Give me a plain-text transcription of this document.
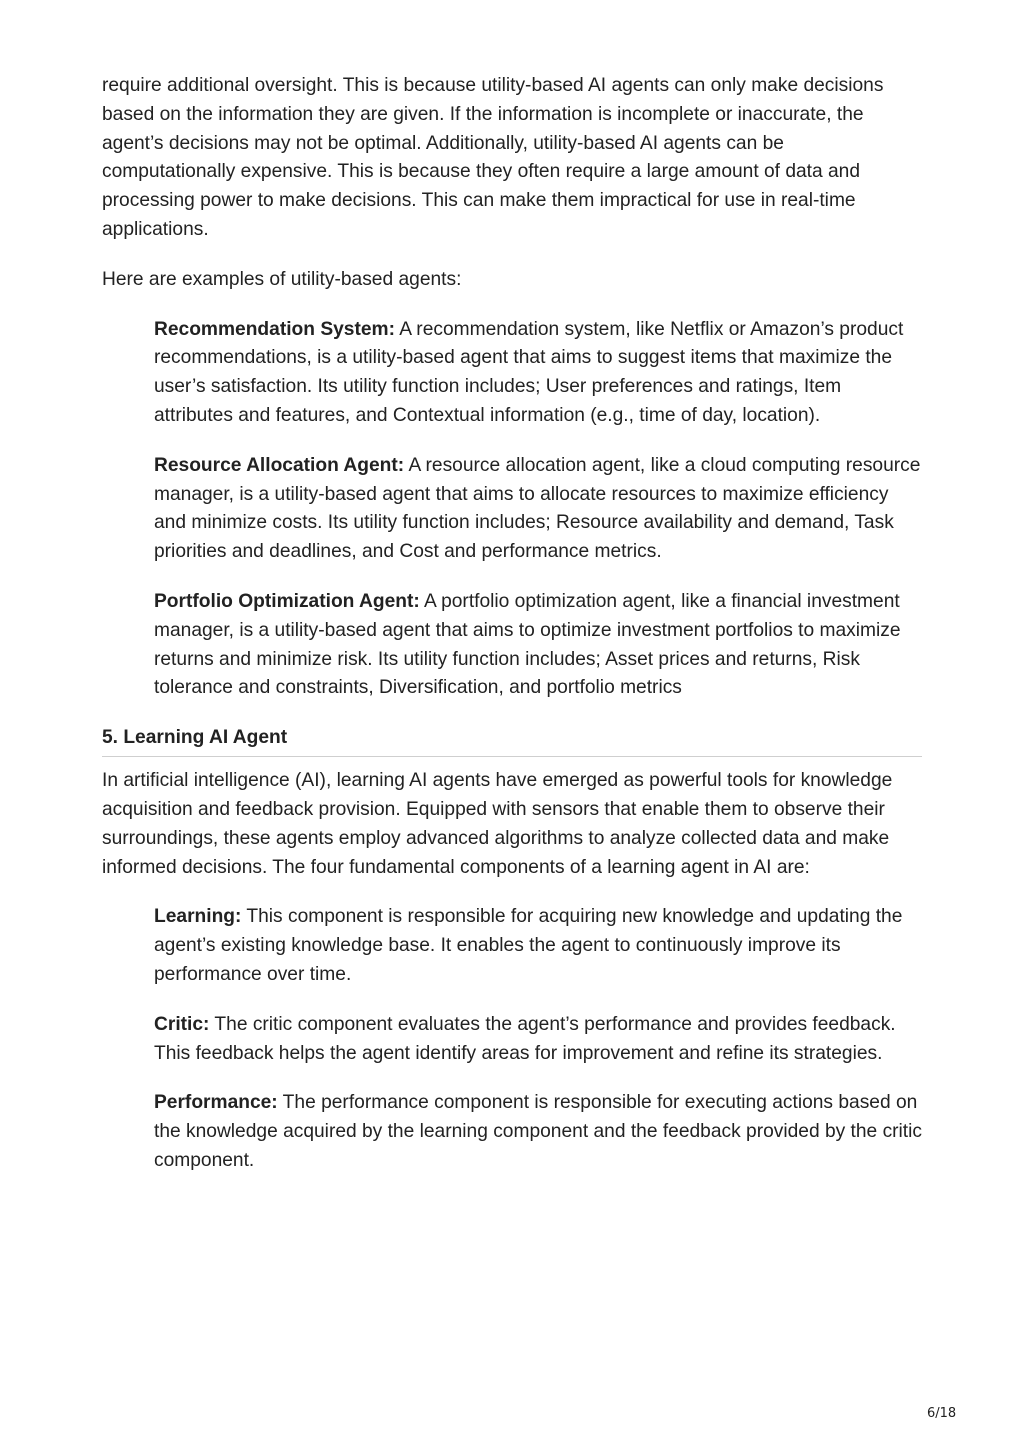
require additional oversight. This is because utility-based AI agents can only make decisions based on the information they are given. If the information is incomplete or inaccurate, the agent’s decisions may not be optimal. Additionally, utility-based AI agents can be computationally expensive. This is because they often require a large amount of data and processing power to make decisions. This can make them impractical for use in real-time applications.

Here are examples of utility-based agents:

Recommendation System: A recommendation system, like Netflix or Amazon’s product recommendations, is a utility-based agent that aims to suggest items that maximize the user’s satisfaction. Its utility function includes; User preferences and ratings, Item attributes and features, and Contextual information (e.g., time of day, location).

Resource Allocation Agent: A resource allocation agent, like a cloud computing resource manager, is a utility-based agent that aims to allocate resources to maximize efficiency and minimize costs. Its utility function includes; Resource availability and demand, Task priorities and deadlines, and Cost and performance metrics.

Portfolio Optimization Agent: A portfolio optimization agent, like a financial investment manager, is a utility-based agent that aims to optimize investment portfolios to maximize returns and minimize risk. Its utility function includes; Asset prices and returns, Risk tolerance and constraints, Diversification, and portfolio metrics

5. Learning AI Agent

In artificial intelligence (AI), learning AI agents have emerged as powerful tools for knowledge acquisition and feedback provision. Equipped with sensors that enable them to observe their surroundings, these agents employ advanced algorithms to analyze collected data and make informed decisions. The four fundamental components of a learning agent in AI are:

Learning: This component is responsible for acquiring new knowledge and updating the agent’s existing knowledge base. It enables the agent to continuously improve its performance over time.

Critic: The critic component evaluates the agent’s performance and provides feedback. This feedback helps the agent identify areas for improvement and refine its strategies.

Performance: The performance component is responsible for executing actions based on the knowledge acquired by the learning component and the feedback provided by the critic component.

6/18
